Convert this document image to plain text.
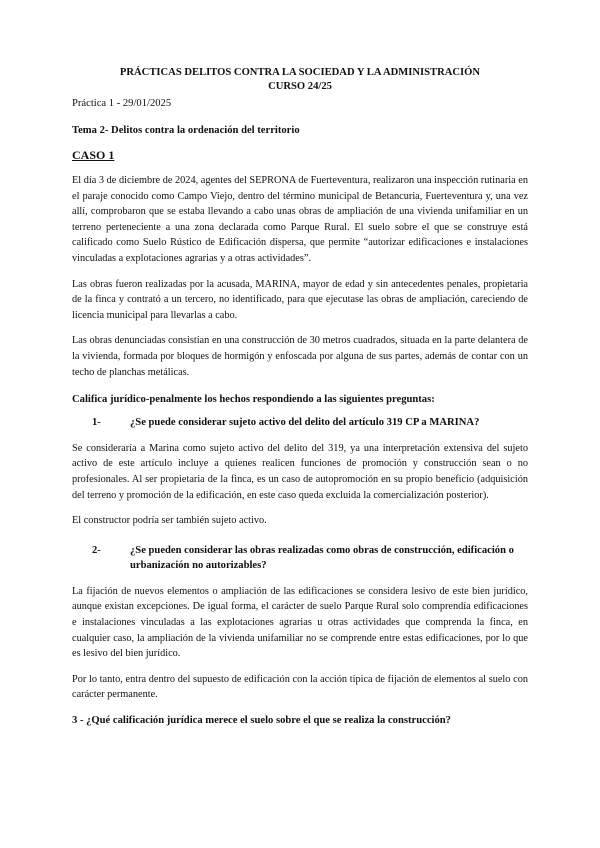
PRÁCTICAS DELITOS CONTRA LA SOCIEDAD Y LA ADMINISTRACIÓN
CURSO 24/25
Práctica 1 - 29/01/2025
Tema 2- Delitos contra la ordenación del territorio
CASO 1

El día 3 de diciembre de 2024, agentes del SEPRONA de Fuerteventura, realizaron una inspección rutinaria en el paraje conocido como Campo Viejo, dentro del término municipal de Betancuria, Fuerteventura y, una vez allí, comprobaron que se estaba llevando a cabo unas obras de ampliación de una vivienda unifamiliar en un terreno perteneciente a una zona declarada como Parque Rural. El suelo sobre el que se construye está calificado como Suelo Rústico de Edificación dispersa, que permite “autorizar edificaciones e instalaciones vinculadas a explotaciones agrarias y a otras actividades”.

Las obras fueron realizadas por la acusada, MARINA, mayor de edad y sin antecedentes penales, propietaria de la finca y contrató a un tercero, no identificado, para que ejecutase las obras de ampliación, careciendo de licencia municipal para llevarlas a cabo.

Las obras denunciadas consistían en una construcción de 30 metros cuadrados, situada en la parte delantera de la vivienda, formada por bloques de hormigón y enfoscada por alguna de sus partes, además de contar con un techo de planchas metálicas.

Califica jurídico-penalmente los hechos respondiendo a las siguientes preguntas:
1-	¿Se puede considerar sujeto activo del delito del artículo 319 CP a MARINA?

Se consideraría a Marina como sujeto activo del delito del 319, ya una interpretación extensiva del sujeto activo de este artículo incluye a quienes realicen funciones de promoción y construcción sean o no profesionales. Al ser propietaria de la finca, es un caso de autopromoción en su propio beneficio (adquisición del terreno y promoción de la edificación, en este caso queda excluida la comercialización posterior).

El constructor podría ser también sujeto activo.

2-	¿Se pueden considerar las obras realizadas como obras de construcción, edificación o urbanización no autorizables?

La fijación de nuevos elementos o ampliación de las edificaciones se considera lesivo de este bien jurídico, aunque existan excepciones. De igual forma, el carácter de suelo Parque Rural solo comprendía edificaciones e instalaciones vinculadas a las explotaciones agrarias u otras actividades que comprenda la finca, en cualquier caso, la ampliación de la vivienda unifamiliar no se comprende entre estas edificaciones, por lo que es lesivo del bien jurídico.

Por lo tanto, entra dentro del supuesto de edificación con la acción típica de fijación de elementos al suelo con carácter permanente.

3 - ¿Qué calificación jurídica merece el suelo sobre el que se realiza la construcción?
